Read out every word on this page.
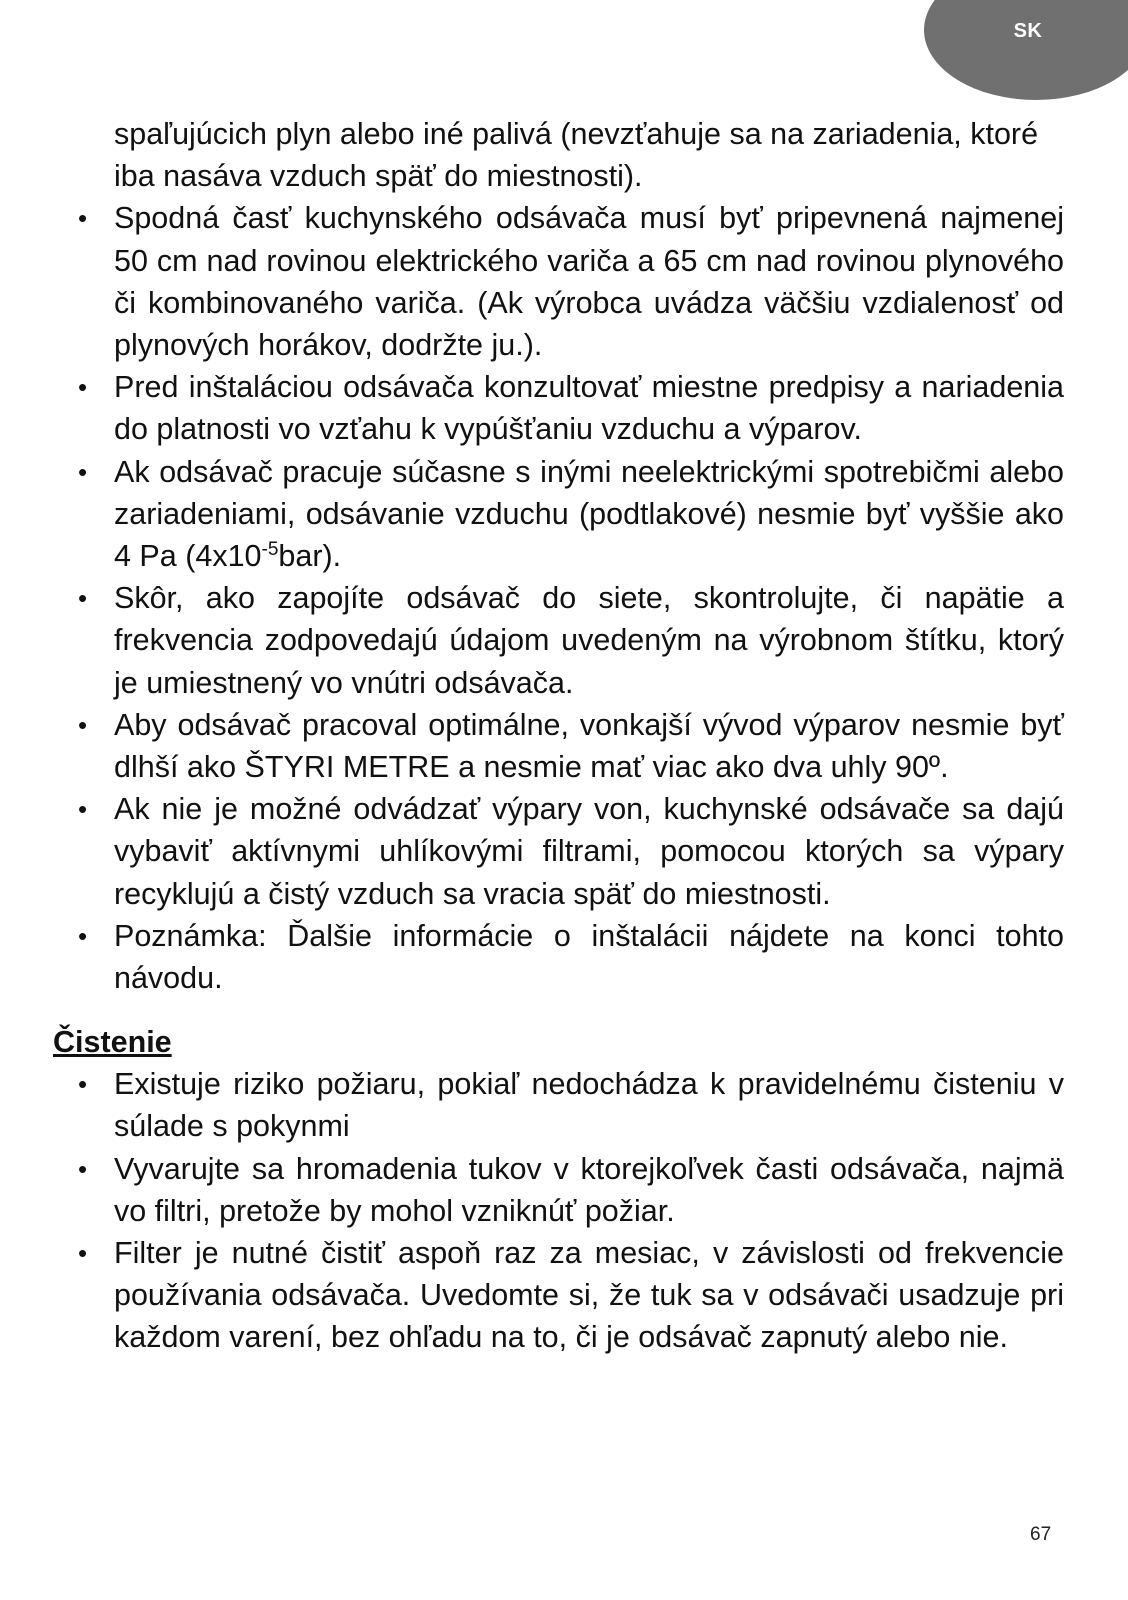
SK

spaľujúcich plyn alebo iné palivá (nevzťahuje sa na zariadenia, ktoré iba nasáva vzduch späť do miestnosti).

• Spodná časť kuchynského odsávača musí byť pripevnená najmenej 50 cm nad rovinou elektrického variča a 65 cm nad rovinou plynového či kombinovaného variča. (Ak výrobca uvádza väčšiu vzdialenosť od plynových horákov, dodržte ju.).
• Pred inštaláciou odsávača konzultovať miestne predpisy a nariadenia do platnosti vo vzťahu k vypúšťaniu vzduchu a výparov.
• Ak odsávač pracuje súčasne s inými neelektrickými spotrebičmi alebo zariadeniami, odsávanie vzduchu (podtlakové) nesmie byť vyššie ako 4 Pa $(4x10^{-5}bar)$.
• Skôr, ako zapojíte odsávač do siete, skontrolujte, či napätie a frekvencia zodpovedajú údajom uvedeným na výrobnom štítku, ktorý je umiestnený vo vnútri odsávača.
• Aby odsávač pracoval optimálne, vonkajší vývod výparov nesmie byť dlhší ako ŠTYRI METRE a nesmie mať viac ako dva uhly 90º.
• Ak nie je možné odvádzať výpary von, kuchynské odsávače sa dajú vybaviť aktívnymi uhlíkovými filtrami, pomocou ktorých sa výpary recyklujú a čistý vzduch sa vracia späť do miestnosti.
• Poznámka: Ďalšie informácie o inštalácii nájdete na konci tohto návodu.
Čistenie
• Existuje riziko požiaru, pokiaľ nedochádza k pravidelnému čisteniu v súlade s pokynmi
• Vyvarujte sa hromadenia tukov v ktorejkoľvek časti odsávača, najmä vo filtri, pretože by mohol vzniknúť požiar.
• Filter je nutné čistiť aspoň raz za mesiac, v závislosti od frekvencie používania odsávača. Uvedomte si, že tuk sa v odsávači usadzuje pri každom varení, bez ohľadu na to, či je odsávač zapnutý alebo nie.
67
